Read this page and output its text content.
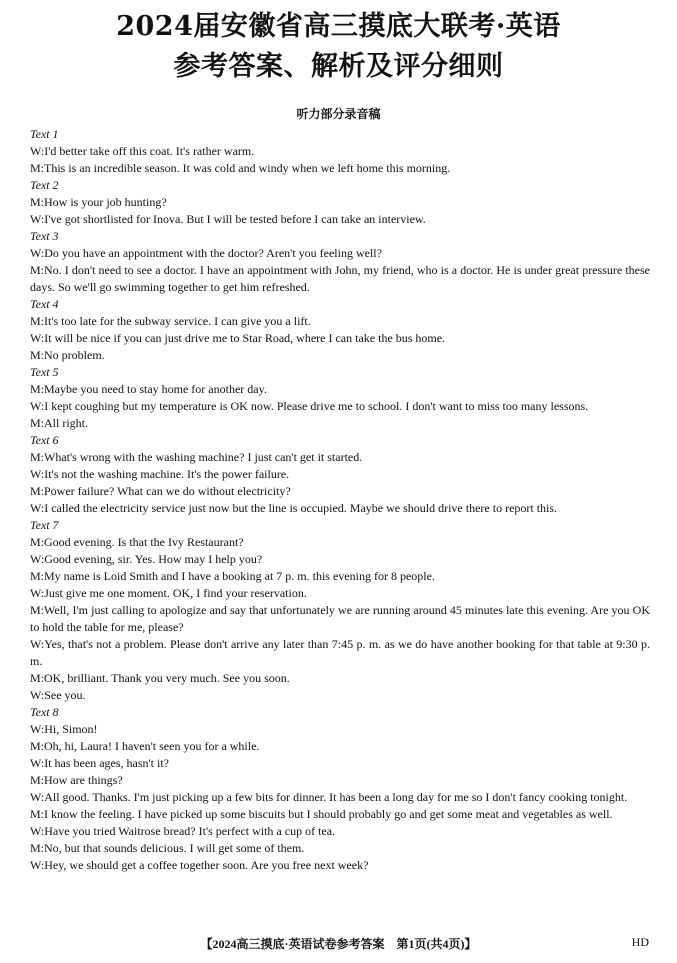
2024届安徽省高三摸底大联考·英语
参考答案、解析及评分细则
听力部分录音稿
Text 1
W:I'd better take off this coat. It's rather warm.
M:This is an incredible season. It was cold and windy when we left home this morning.
Text 2
M:How is your job hunting?
W:I've got shortlisted for Inova. But I will be tested before I can take an interview.
Text 3
W:Do you have an appointment with the doctor? Aren't you feeling well?
M:No. I don't need to see a doctor. I have an appointment with John, my friend, who is a doctor. He is under great pressure these days. So we'll go swimming together to get him refreshed.
Text 4
M:It's too late for the subway service. I can give you a lift.
W:It will be nice if you can just drive me to Star Road, where I can take the bus home.
M:No problem.
Text 5
M:Maybe you need to stay home for another day.
W:I kept coughing but my temperature is OK now. Please drive me to school. I don't want to miss too many lessons.
M:All right.
Text 6
M:What's wrong with the washing machine? I just can't get it started.
W:It's not the washing machine. It's the power failure.
M:Power failure? What can we do without electricity?
W:I called the electricity service just now but the line is occupied. Maybe we should drive there to report this.
Text 7
M:Good evening. Is that the Ivy Restaurant?
W:Good evening, sir. Yes. How may I help you?
M:My name is Loid Smith and I have a booking at 7 p. m. this evening for 8 people.
W:Just give me one moment. OK, I find your reservation.
M:Well, I'm just calling to apologize and say that unfortunately we are running around 45 minutes late this evening. Are you OK to hold the table for me, please?
W:Yes, that's not a problem. Please don't arrive any later than 7:45 p. m. as we do have another booking for that table at 9:30 p. m.
M:OK, brilliant. Thank you very much. See you soon.
W:See you.
Text 8
W:Hi, Simon!
M:Oh, hi, Laura! I haven't seen you for a while.
W:It has been ages, hasn't it?
M:How are things?
W:All good. Thanks. I'm just picking up a few bits for dinner. It has been a long day for me so I don't fancy cooking tonight.
M:I know the feeling. I have picked up some biscuits but I should probably go and get some meat and vegetables as well.
W:Have you tried Waitrose bread? It's perfect with a cup of tea.
M:No, but that sounds delicious. I will get some of them.
W:Hey, we should get a coffee together soon. Are you free next week?
【2024高三摸底·英语试卷参考答案　第1页(共4页)】	HD
